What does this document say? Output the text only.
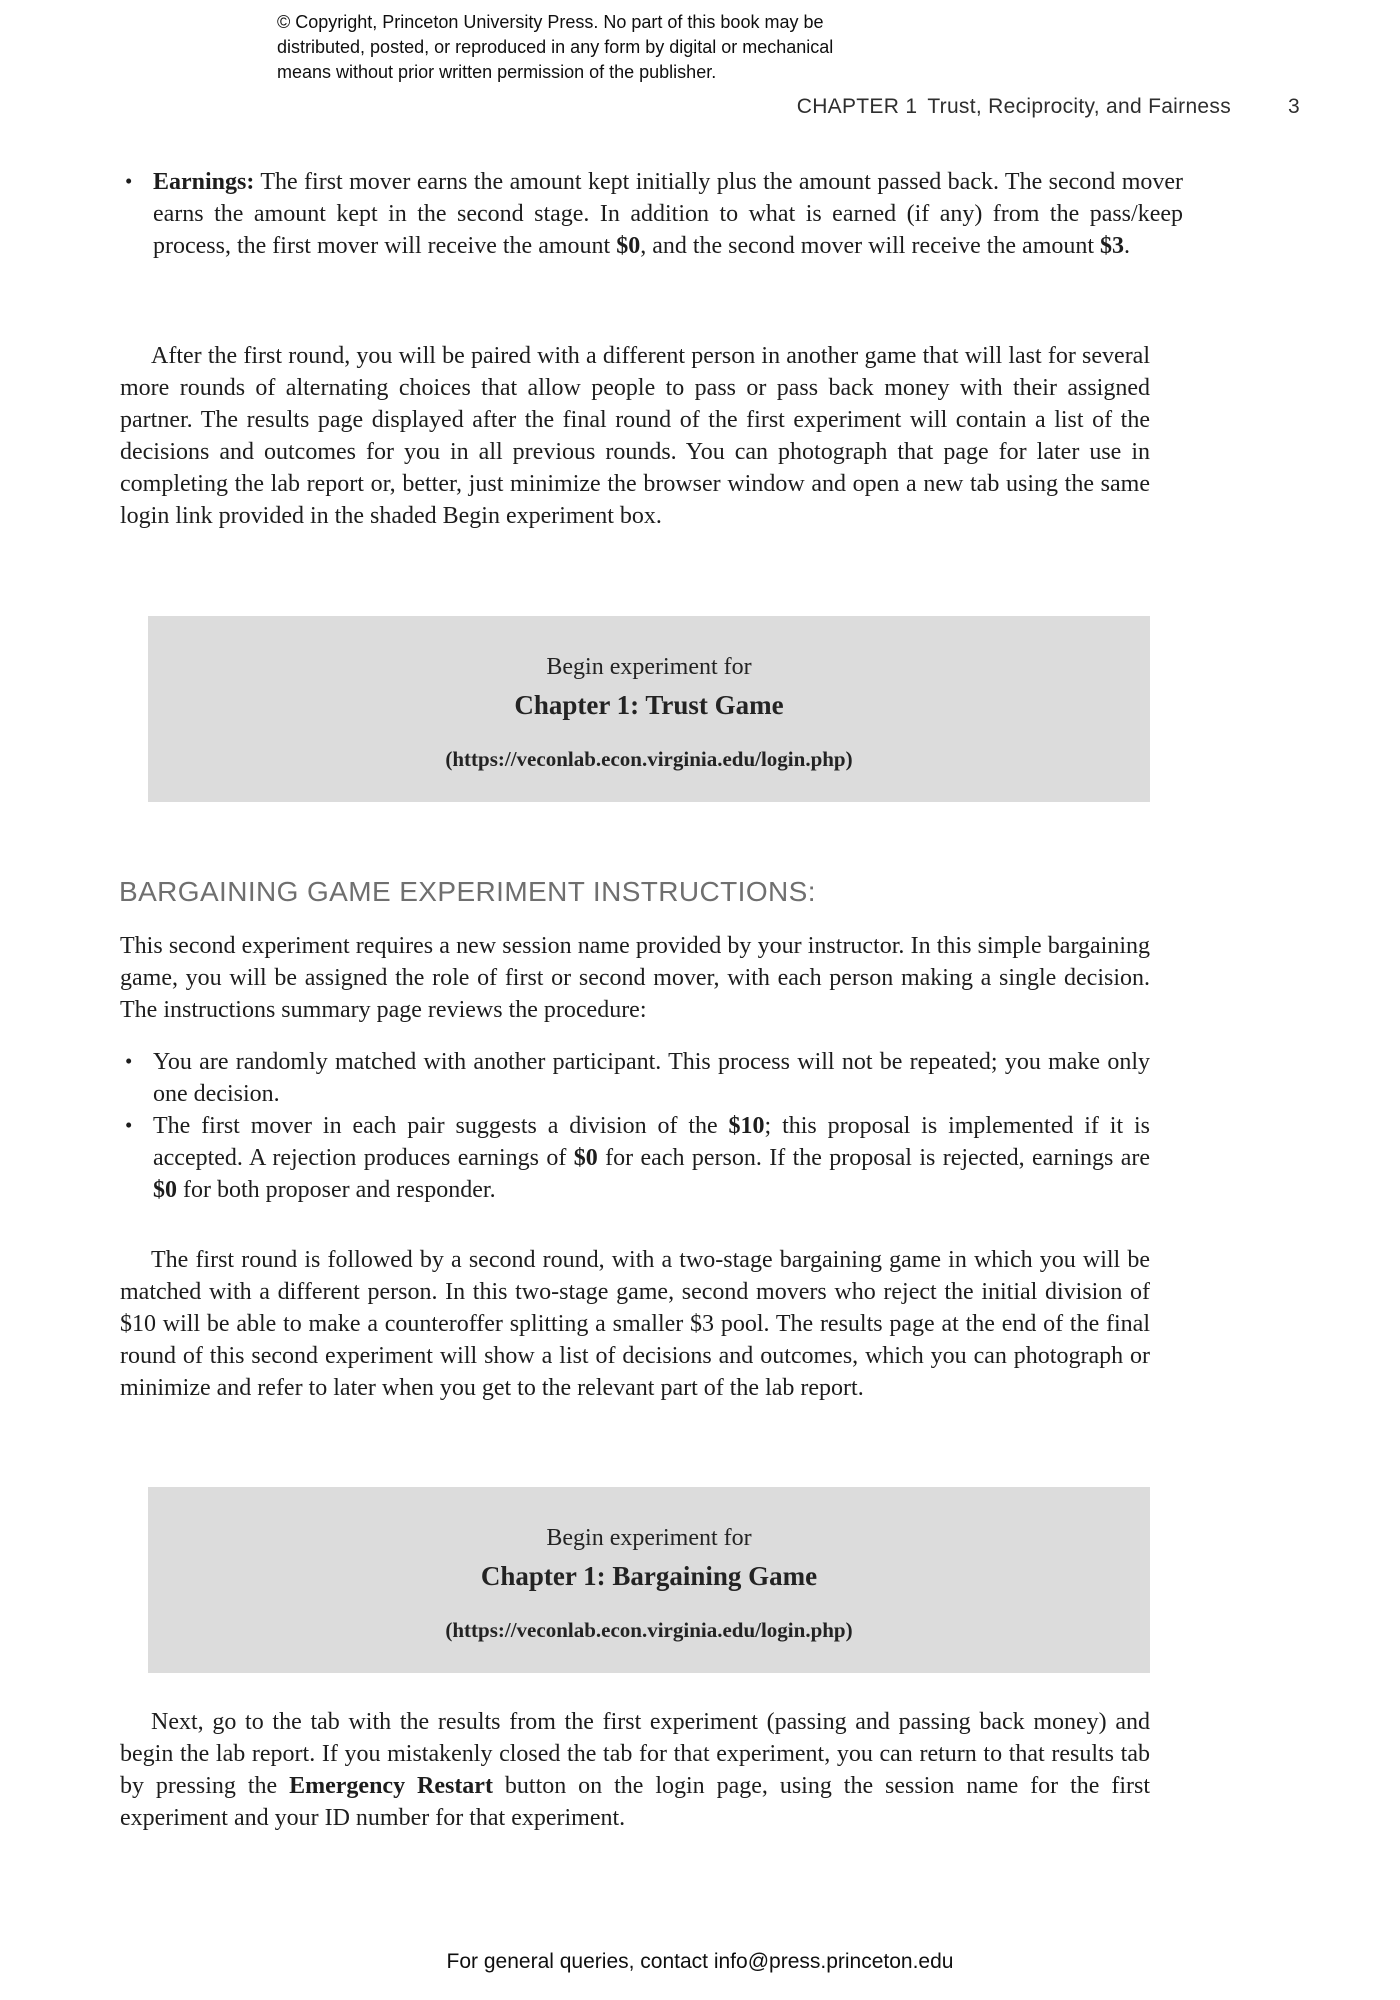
© Copyright, Princeton University Press. No part of this book may be
distributed, posted, or reproduced in any form by digital or mechanical
means without prior written permission of the publisher.
CHAPTER 1 Trust, Reciprocity, and Fairness	3
• Earnings: The first mover earns the amount kept initially plus the amount passed back. The second mover earns the amount kept in the second stage. In addition to what is earned (if any) from the pass/keep process, the first mover will receive the amount $0, and the second mover will receive the amount $3.
After the first round, you will be paired with a different person in another game that will last for several more rounds of alternating choices that allow people to pass or pass back money with their assigned partner. The results page displayed after the final round of the first experiment will contain a list of the decisions and outcomes for you in all previous rounds. You can photograph that page for later use in completing the lab report or, better, just minimize the browser window and open a new tab using the same login link provided in the shaded Begin experiment box.
Begin experiment for
Chapter 1: Trust Game
(https://veconlab.econ.virginia.edu/login.php)
BARGAINING GAME EXPERIMENT INSTRUCTIONS:
This second experiment requires a new session name provided by your instructor. In this simple bargaining game, you will be assigned the role of first or second mover, with each person making a single decision. The instructions summary page reviews the procedure:
• You are randomly matched with another participant. This process will not be repeated; you make only one decision.
• The first mover in each pair suggests a division of the $10; this proposal is implemented if it is accepted. A rejection produces earnings of $0 for each person. If the proposal is rejected, earnings are $0 for both proposer and responder.
The first round is followed by a second round, with a two-stage bargaining game in which you will be matched with a different person. In this two-stage game, second movers who reject the initial division of $10 will be able to make a counteroffer splitting a smaller $3 pool. The results page at the end of the final round of this second experiment will show a list of decisions and outcomes, which you can photograph or minimize and refer to later when you get to the relevant part of the lab report.
Begin experiment for
Chapter 1: Bargaining Game
(https://veconlab.econ.virginia.edu/login.php)
Next, go to the tab with the results from the first experiment (passing and passing back money) and begin the lab report. If you mistakenly closed the tab for that experiment, you can return to that results tab by pressing the Emergency Restart button on the login page, using the session name for the first experiment and your ID number for that experiment.
For general queries, contact info@press.princeton.edu
